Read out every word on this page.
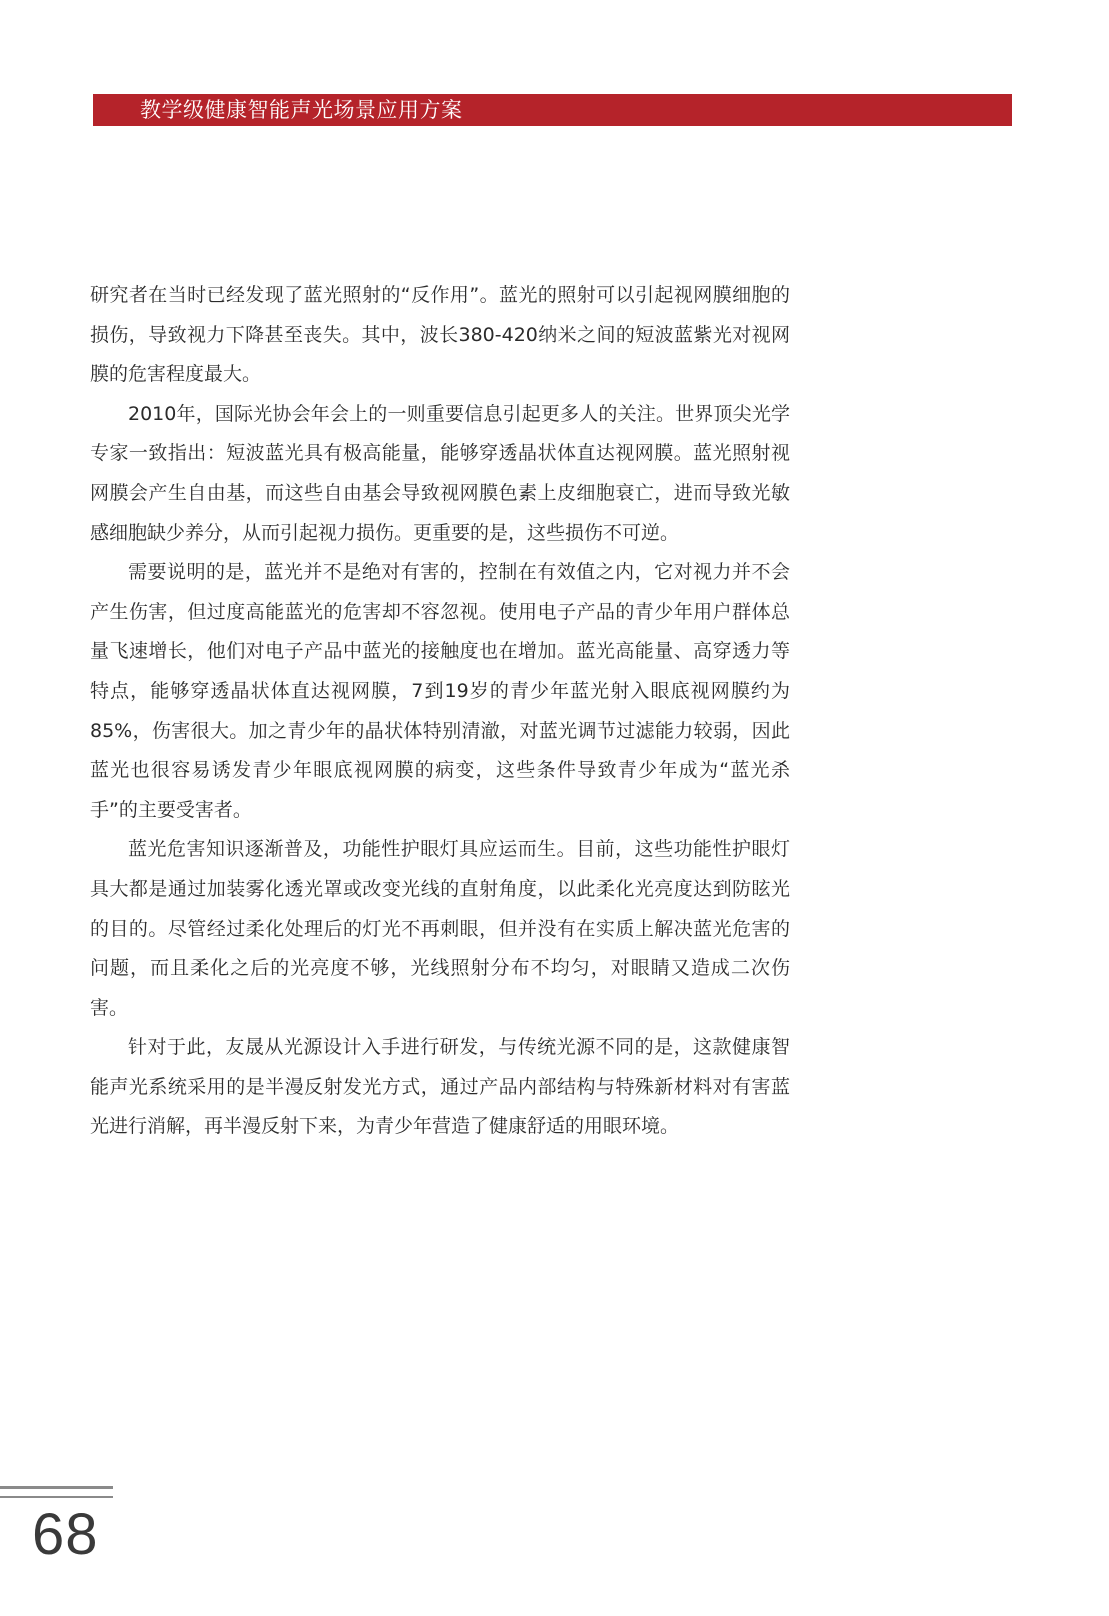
教学级健康智能声光场景应用方案

研究者在当时已经发现了蓝光照射的“反作用”。蓝光的照射可以引起视网膜细胞的损伤，导致视力下降甚至丧失。其中，波长380-420纳米之间的短波蓝紫光对视网膜的危害程度最大。

2010年，国际光协会年会上的一则重要信息引起更多人的关注。世界顶尖光学专家一致指出：短波蓝光具有极高能量，能够穿透晶状体直达视网膜。蓝光照射视网膜会产生自由基，而这些自由基会导致视网膜色素上皮细胞衰亡，进而导致光敏感细胞缺少养分，从而引起视力损伤。更重要的是，这些损伤不可逆。

需要说明的是，蓝光并不是绝对有害的，控制在有效值之内，它对视力并不会产生伤害，但过度高能蓝光的危害却不容忽视。使用电子产品的青少年用户群体总量飞速增长，他们对电子产品中蓝光的接触度也在增加。蓝光高能量、高穿透力等特点，能够穿透晶状体直达视网膜，7到19岁的青少年蓝光射入眼底视网膜约为85%，伤害很大。加之青少年的晶状体特别清澈，对蓝光调节过滤能力较弱，因此蓝光也很容易诱发青少年眼底视网膜的病变，这些条件导致青少年成为“蓝光杀手”的主要受害者。

蓝光危害知识逐渐普及，功能性护眼灯具应运而生。目前，这些功能性护眼灯具大都是通过加装雾化透光罩或改变光线的直射角度，以此柔化光亮度达到防眩光的目的。尽管经过柔化处理后的灯光不再刺眼，但并没有在实质上解决蓝光危害的问题，而且柔化之后的光亮度不够，光线照射分布不均匀，对眼睛又造成二次伤害。

针对于此，友晟从光源设计入手进行研发，与传统光源不同的是，这款健康智能声光系统采用的是半漫反射发光方式，通过产品内部结构与特殊新材料对有害蓝光进行消解，再半漫反射下来，为青少年营造了健康舒适的用眼环境。

68
